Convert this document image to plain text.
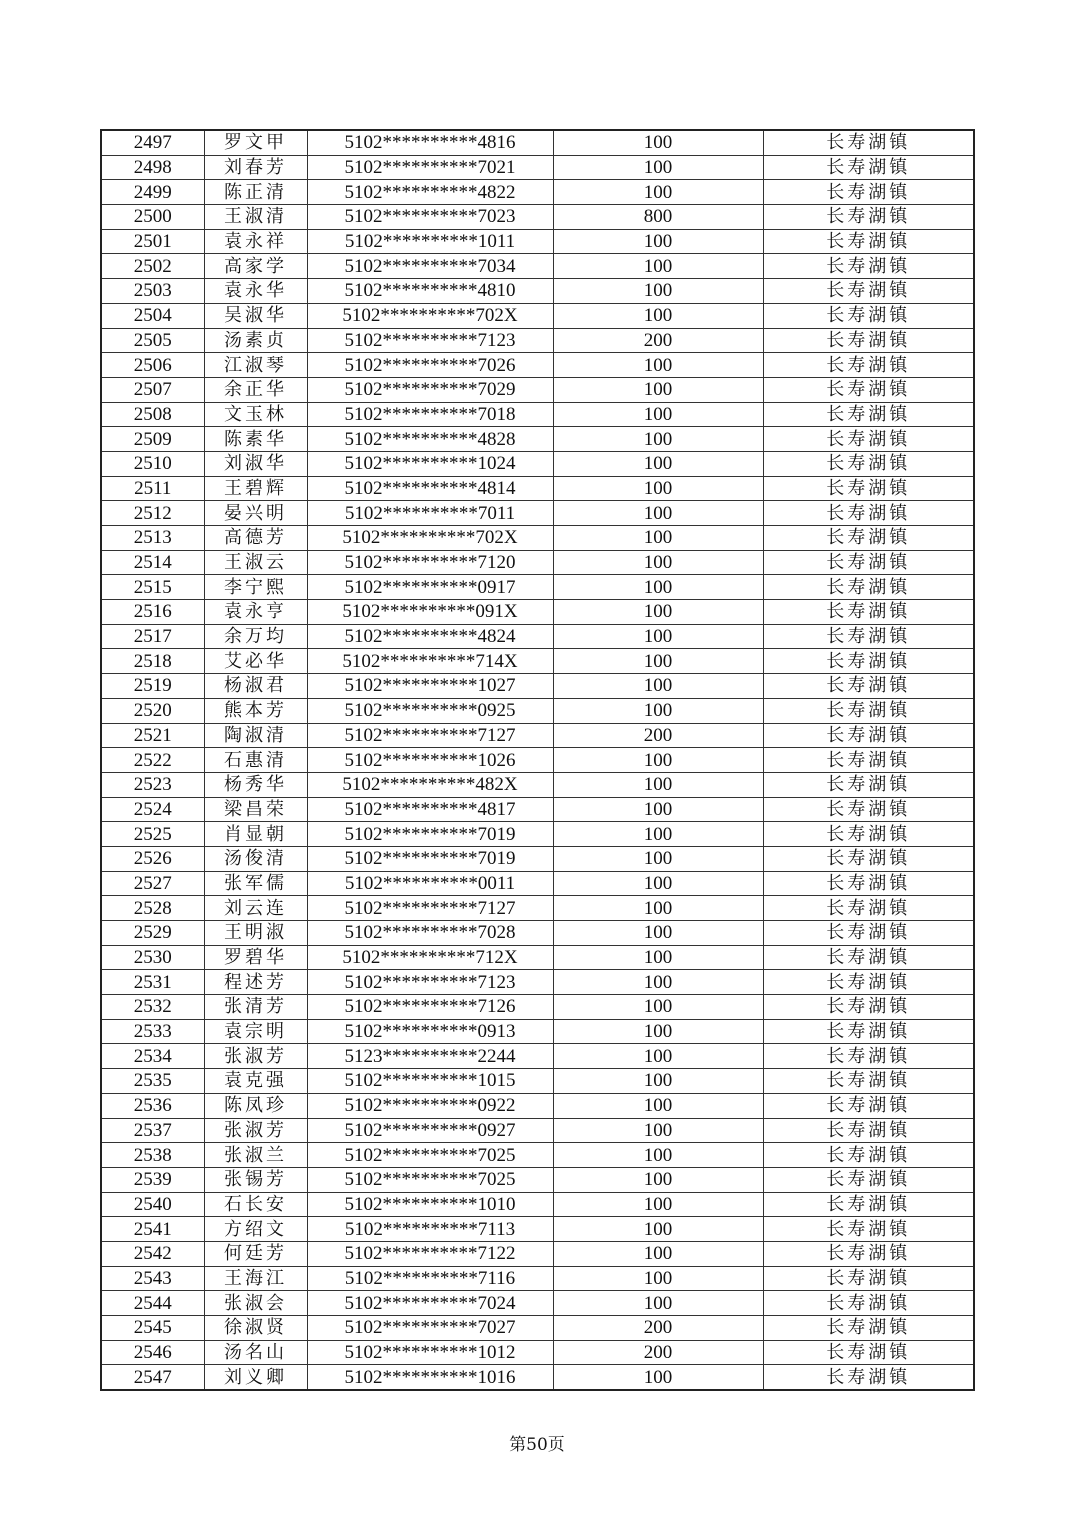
2497	罗文甲	5102**********4816	100	长寿湖镇
2498	刘春芳	5102**********7021	100	长寿湖镇
2499	陈正清	5102**********4822	100	长寿湖镇
2500	王淑清	5102**********7023	800	长寿湖镇
2501	袁永祥	5102**********1011	100	长寿湖镇
2502	高家学	5102**********7034	100	长寿湖镇
2503	袁永华	5102**********4810	100	长寿湖镇
2504	吴淑华	5102**********702X	100	长寿湖镇
2505	汤素贞	5102**********7123	200	长寿湖镇
2506	江淑琴	5102**********7026	100	长寿湖镇
2507	余正华	5102**********7029	100	长寿湖镇
2508	文玉林	5102**********7018	100	长寿湖镇
2509	陈素华	5102**********4828	100	长寿湖镇
2510	刘淑华	5102**********1024	100	长寿湖镇
2511	王碧辉	5102**********4814	100	长寿湖镇
2512	晏兴明	5102**********7011	100	长寿湖镇
2513	高德芳	5102**********702X	100	长寿湖镇
2514	王淑云	5102**********7120	100	长寿湖镇
2515	李宁熙	5102**********0917	100	长寿湖镇
2516	袁永亨	5102**********091X	100	长寿湖镇
2517	余万均	5102**********4824	100	长寿湖镇
2518	艾必华	5102**********714X	100	长寿湖镇
2519	杨淑君	5102**********1027	100	长寿湖镇
2520	熊本芳	5102**********0925	100	长寿湖镇
2521	陶淑清	5102**********7127	200	长寿湖镇
2522	石惠清	5102**********1026	100	长寿湖镇
2523	杨秀华	5102**********482X	100	长寿湖镇
2524	梁昌荣	5102**********4817	100	长寿湖镇
2525	肖显朝	5102**********7019	100	长寿湖镇
2526	汤俊清	5102**********7019	100	长寿湖镇
2527	张军儒	5102**********0011	100	长寿湖镇
2528	刘云连	5102**********7127	100	长寿湖镇
2529	王明淑	5102**********7028	100	长寿湖镇
2530	罗碧华	5102**********712X	100	长寿湖镇
2531	程述芳	5102**********7123	100	长寿湖镇
2532	张清芳	5102**********7126	100	长寿湖镇
2533	袁宗明	5102**********0913	100	长寿湖镇
2534	张淑芳	5123**********2244	100	长寿湖镇
2535	袁克强	5102**********1015	100	长寿湖镇
2536	陈凤珍	5102**********0922	100	长寿湖镇
2537	张淑芳	5102**********0927	100	长寿湖镇
2538	张淑兰	5102**********7025	100	长寿湖镇
2539	张锡芳	5102**********7025	100	长寿湖镇
2540	石长安	5102**********1010	100	长寿湖镇
2541	方绍文	5102**********7113	100	长寿湖镇
2542	何廷芳	5102**********7122	100	长寿湖镇
2543	王海江	5102**********7116	100	长寿湖镇
2544	张淑会	5102**********7024	100	长寿湖镇
2545	徐淑贤	5102**********7027	200	长寿湖镇
2546	汤名山	5102**********1012	200	长寿湖镇
2547	刘义卿	5102**********1016	100	长寿湖镇
第50页
